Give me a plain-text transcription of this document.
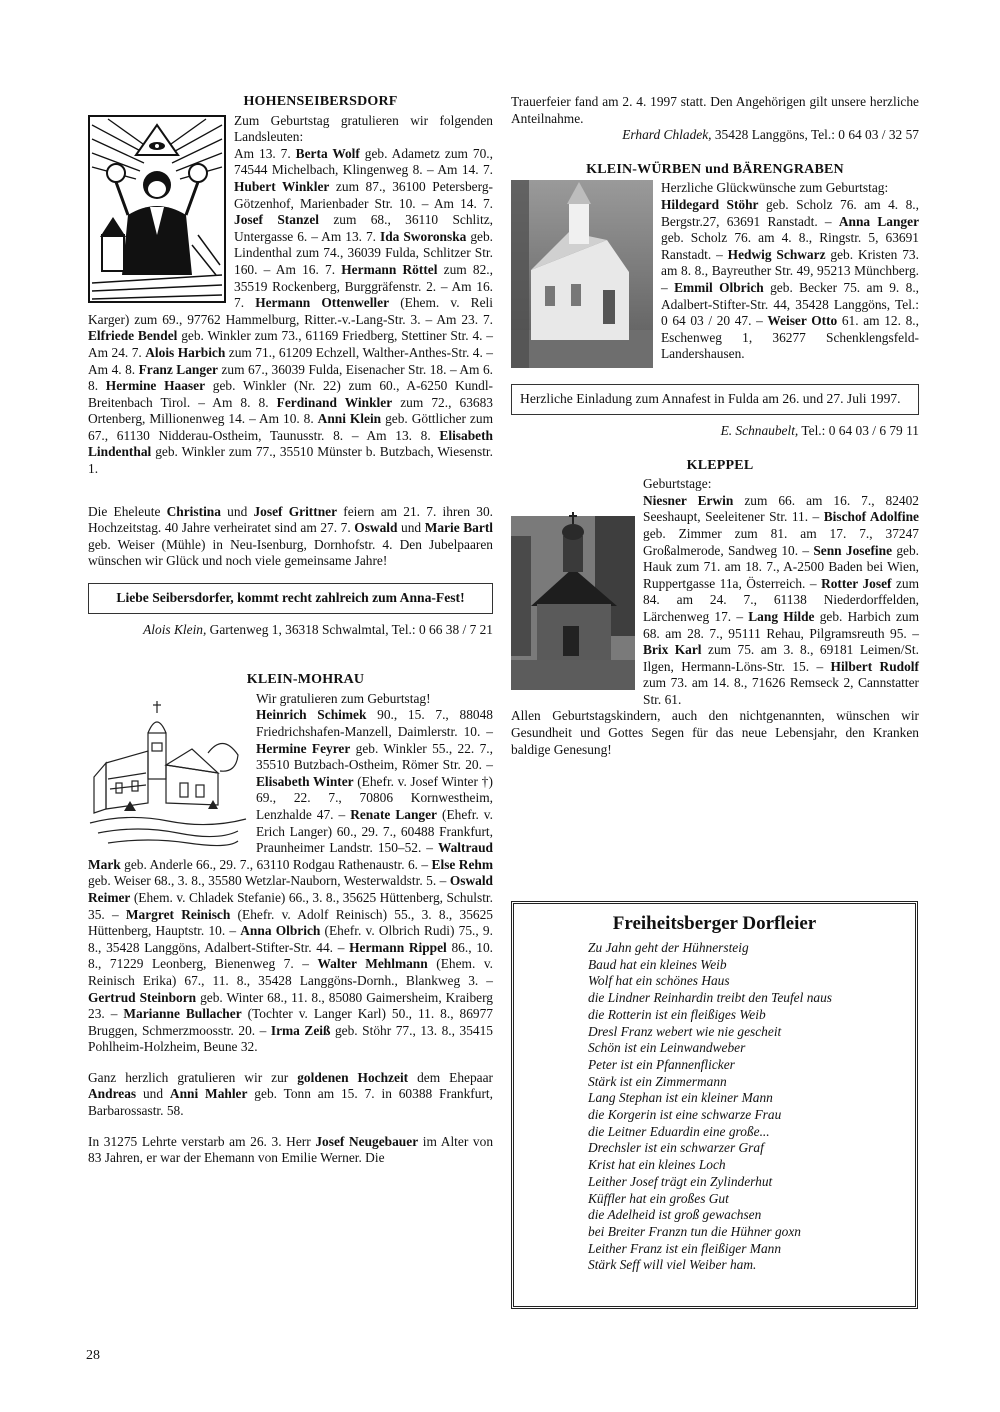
HOHENSEIBERSDORF

Zum Geburtstag gratulieren wir folgenden Landsleuten:

Am 13. 7. Berta Wolf geb. Adametz zum 70., 74544 Michelbach, Klingenweg 8. – Am 14. 7. Hubert Winkler zum 87., 36100 Petersberg-Götzenhof, Marienbader Str. 10. – Am 14. 7. Josef Stanzel zum 68., 36110 Schlitz, Untergasse 6. – Am 13. 7. Ida Sworonska geb. Lindenthal zum 74., 36039 Fulda, Schlitzer Str. 160. – Am 16. 7. Hermann Röttel zum 82., 35519 Rockenberg, Burggräfenstr. 2. – Am 16. 7. Hermann Ottenweller (Ehem. v. Reli Karger) zum 69., 97762 Hammelburg, Ritter.-v.-Lang-Str. 3. – Am 23. 7. Elfriede Bendel geb. Winkler zum 73., 61169 Friedberg, Stettiner Str. 4. – Am 24. 7. Alois Harbich zum 71., 61209 Echzell, Walther-Anthes-Str. 4. – Am 4. 8. Franz Langer zum 67., 36039 Fulda, Eisenacher Str. 18. – Am 6. 8. Hermine Haaser geb. Winkler (Nr. 22) zum 60., A-6250 Kundl-Breitenbach Tirol. – Am 8. 8. Ferdinand Winkler zum 72., 63683 Ortenberg, Millionenweg 14. – Am 10. 8. Anni Klein geb. Göttlicher zum 67., 61130 Nidderau-Ostheim, Taunusstr. 8. – Am 13. 8. Elisabeth Lindenthal geb. Winkler zum 77., 35510 Münster b. Butzbach, Wiesenstr. 1.

Die Eheleute Christina und Josef Grittner feiern am 21. 7. ihren 30. Hochzeitstag. 40 Jahre verheiratet sind am 27. 7. Oswald und Marie Bartl geb. Weiser (Mühle) in Neu-Isenburg, Dornhofstr. 4. Den Jubelpaaren wünschen wir Glück und noch viele gemeinsame Jahre!

Liebe Seibersdorfer, kommt recht zahlreich zum Anna-Fest!

Alois Klein, Gartenweg 1, 36318 Schwalmtal, Tel.: 0 66 38 / 7 21

KLEIN-MOHRAU

Wir gratulieren zum Geburtstag!

Heinrich Schimek 90., 15. 7., 88048 Friedrichshafen-Manzell, Daimlerstr. 10. – Hermine Feyrer geb. Winkler 55., 22. 7., 35510 Butzbach-Ostheim, Römer Str. 20. – Elisabeth Winter (Ehefr. v. Josef Winter †) 69., 22. 7., 70806 Kornwestheim, Lenzhalde 47. – Renate Langer (Ehefr. v. Erich Langer) 60., 29. 7., 60488 Frankfurt, Praunheimer Landstr. 150–52. – Waltraud Mark geb. Anderle 66., 29. 7., 63110 Rodgau Rathenaustr. 6. – Else Rehm geb. Weiser 68., 3. 8., 35580 Wetzlar-Nauborn, Westerwaldstr. 5. – Oswald Reimer (Ehem. v. Chladek Stefanie) 66., 3. 8., 35625 Hüttenberg, Schulstr. 35. – Margret Reinisch (Ehefr. v. Adolf Reinisch) 55., 3. 8., 35625 Hüttenberg, Hauptstr. 10. – Anna Olbrich (Ehefr. v. Olbrich Rudi) 75., 9. 8., 35428 Langgöns, Adalbert-Stifter-Str. 44. – Hermann Rippel 86., 10. 8., 71229 Leonberg, Bienenweg 7. – Walter Mehlmann (Ehem. v. Reinisch Erika) 67., 11. 8., 35428 Langgöns-Dornh., Blankweg 3. – Gertrud Steinborn geb. Winter 68., 11. 8., 85080 Gaimersheim, Kraiberg 23. – Marianne Bullacher (Tochter v. Langer Karl) 50., 11. 8., 86977 Bruggen, Schmerzmoosstr. 20. – Irma Zeiß geb. Stöhr 77., 13. 8., 35415 Pohlheim-Holzheim, Beune 32.

Ganz herzlich gratulieren wir zur goldenen Hochzeit dem Ehepaar Andreas und Anni Mahler geb. Tonn am 15. 7. in 60388 Frankfurt, Barbarossastr. 58.

In 31275 Lehrte verstarb am 26. 3. Herr Josef Neugebauer im Alter von 83 Jahren, er war der Ehemann von Emilie Werner. Die

Trauerfeier fand am 2. 4. 1997 statt. Den Angehörigen gilt unsere herzliche Anteilnahme.

Erhard Chladek, 35428 Langgöns, Tel.: 0 64 03 / 32 57

KLEIN-WÜRBEN und BÄRENGRABEN

Herzliche Glückwünsche zum Geburtstag:

Hildegard Stöhr geb. Scholz 76. am 4. 8., Bergstr.27, 63691 Ranstadt. – Anna Langer geb. Scholz 76. am 4. 8., Ringstr. 5, 63691 Ranstadt. – Hedwig Schwarz geb. Kristen 73. am 8. 8., Bayreuther Str. 49, 95213 Münchberg. – Emmil Olbrich geb. Becker 75. am 9. 8., Adalbert-Stifter-Str. 44, 35428 Langgöns, Tel.: 0 64 03 / 20 47. – Weiser Otto 61. am 12. 8., Eschenweg 1, 36277 Schenklengsfeld-Landershausen.

Herzliche Einladung zum Annafest in Fulda am 26. und 27. Juli 1997.

E. Schnaubelt, Tel.: 0 64 03 / 6 79 11

KLEPPEL

Geburtstage:

Niesner Erwin zum 66. am 16. 7., 82402 Seeshaupt, Seeleitener Str. 11. – Bischof Adolfine geb. Zimmer zum 81. am 17. 7., 37247 Großalmerode, Sandweg 10. – Senn Josefine geb. Hauk zum 71. am 18. 7., A-2500 Baden bei Wien, Ruppertgasse 11a, Österreich. – Rotter Josef zum 84. am 24. 7., 61138 Niederdorffelden, Lärchenweg 17. – Lang Hilde geb. Harbich zum 68. am 28. 7., 95111 Rehau, Pilgramsreuth 95. – Brix Karl zum 75. am 3. 8., 69181 Leimen/St. Ilgen, Hermann-Löns-Str. 15. – Hilbert Rudolf zum 73. am 14. 8., 71626 Remseck 2, Cannstatter Str. 61.

Allen Geburtstagskindern, auch den nichtgenannten, wünschen wir Gesundheit und Gottes Segen für das neue Lebensjahr, den Kranken baldige Genesung!

Freiheitsberger Dorfleier
Zu Jahn geht der Hühnersteig
Baud hat ein kleines Weib
Wolf hat ein schönes Haus
die Lindner Reinhardin treibt den Teufel naus
die Rotterin ist ein fleißiges Weib
Dresl Franz webert wie nie gescheit
Schön ist ein Leinwandweber
Peter ist ein Pfannenflicker
Stärk ist ein Zimmermann
Lang Stephan ist ein kleiner Mann
die Korgerin ist eine schwarze Frau
die Leitner Eduardin eine große...
Drechsler ist ein schwarzer Graf
Krist hat ein kleines Loch
Leither Josef trägt ein Zylinderhut
Küffler hat ein großes Gut
die Adelheid ist groß gewachsen
bei Breiter Franzn tun die Hühner goxn
Leither Franz ist ein fleißiger Mann
Stärk Seff will viel Weiber ham.
28
